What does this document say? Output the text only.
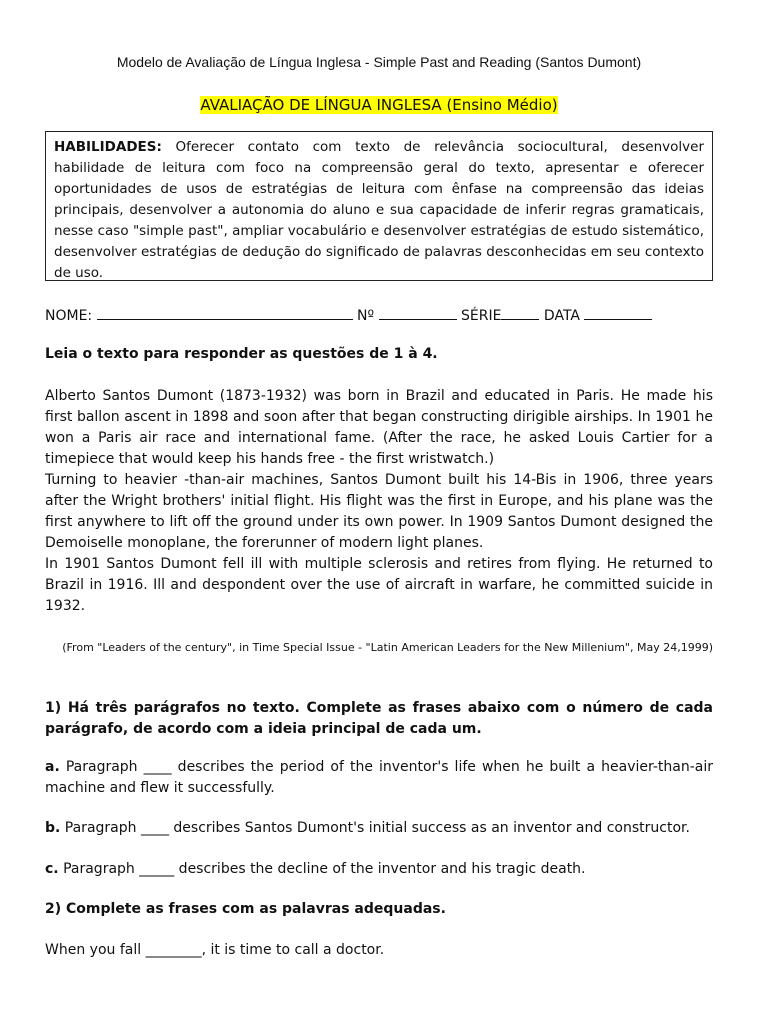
Modelo de Avaliação de Língua Inglesa - Simple Past and Reading (Santos Dumont)
AVALIAÇÃO DE LÍNGUA INGLESA (Ensino Médio)
HABILIDADES: Oferecer contato com texto de relevância sociocultural, desenvolver habilidade de leitura com foco na compreensão geral do texto, apresentar e oferecer oportunidades de usos de estratégias de leitura com ênfase na compreensão das ideias principais, desenvolver a autonomia do aluno e sua capacidade de inferir regras gramaticais, nesse caso "simple past", ampliar vocabulário e desenvolver estratégias de estudo sistemático, desenvolver estratégias de dedução do significado de palavras desconhecidas em seu contexto de uso.
NOME:	Nº	SÉRIE	DATA
Leia o texto para responder as questões de 1 à 4.

Alberto Santos Dumont (1873-1932) was born in Brazil and educated in Paris. He made his first ballon ascent in 1898 and soon after that began constructing dirigible airships. In 1901 he won a Paris air race and international fame. (After the race, he asked Louis Cartier for a timepiece that would keep his hands free - the first wristwatch.)

Turning to heavier -than-air machines, Santos Dumont built his 14-Bis in 1906, three years after the Wright brothers' initial flight. His flight was the first in Europe, and his plane was the first anywhere to lift off the ground under its own power. In 1909 Santos Dumont designed the Demoiselle monoplane, the forerunner of modern light planes.

In 1901 Santos Dumont fell ill with multiple sclerosis and retires from flying. He returned to Brazil in 1916. Ill and despondent over the use of aircraft in warfare, he committed suicide in 1932.

(From "Leaders of the century", in Time Special Issue - "Latin American Leaders for the New Millenium", May 24,1999)
1) Há três parágrafos no texto. Complete as frases abaixo com o número de cada parágrafo, de acordo com a ideia principal de cada um.
a. Paragraph ____ describes the period of the inventor's life when he built a heavier-than-air machine and flew it successfully.
b. Paragraph ____ describes Santos Dumont's initial success as an inventor and constructor.
c. Paragraph _____ describes the decline of the inventor and his tragic death.
2) Complete as frases com as palavras adequadas.
When you fall ________, it is time to call a doctor.
